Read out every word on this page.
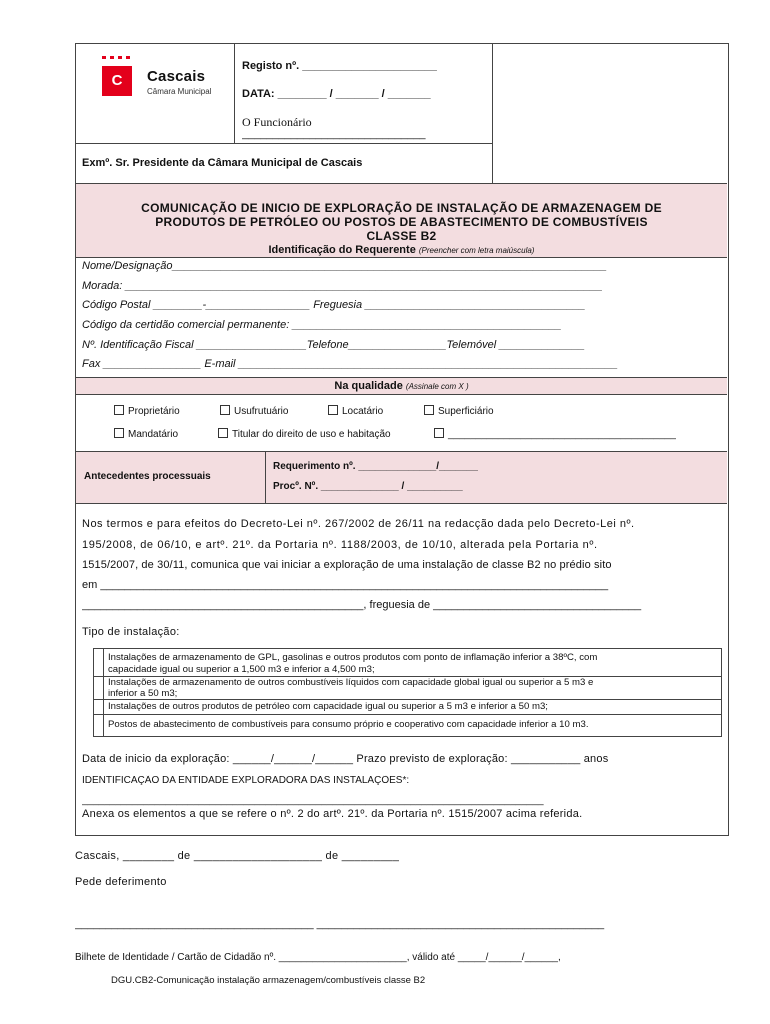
C	Cascais
Câmara Municipal
Registo nº. ______________________
DATA: ________ / _______ / _______
O Funcionário
______________________________
Exmº. Sr. Presidente da Câmara Municipal de Cascais
COMUNICAÇÃO DE INICIO DE EXPLORAÇÃO DE INSTALAÇÃO DE ARMAZENAGEM DE
PRODUTOS DE PETRÓLEO OU POSTOS DE ABASTECIMENTO DE COMBUSTÍVEIS
CLASSE B2
Identificação do Requerente (Preencher com letra maiúscula)
Nome/Designação_______________________________________________________________________
Morada: ______________________________________________________________________________
Código Postal ________-_________________ Freguesia ____________________________________
Código da certidão comercial permanente: ____________________________________________
Nº. Identificação Fiscal __________________Telefone________________Telemóvel ______________
Fax ________________ E-mail ______________________________________________________________
Na qualidade (Assinale com X )
Proprietário	Usufrutuário	Locatário	Superficiário
Mandatário	Titular do direito de uso e habitação	_________________________________________
Antecedentes processuais
Requerimento nº. ______________/_______
Procº. Nº. ______________ / __________
Nos termos e para efeitos do Decreto-Lei nº. 267/2002 de 26/11 na redacção dada pelo Decreto-Lei nº.
195/2008, de 06/10, e artº. 21º. da Portaria nº. 1188/2003, de 10/10, alterada pela Portaria nº.
1515/2007, de 30/11, comunica que vai iniciar a exploração de uma instalação de classe B2 no prédio sito
em ___________________________________________________________________________________
______________________________________________, freguesia de __________________________________
Tipo de instalação:
Instalações de armazenamento de GPL, gasolinas e outros produtos com ponto de inflamação inferior a 38ºC, com
capacidade igual ou superior a 1,500 m3 e inferior a 4,500 m3;
Instalações de armazenamento de outros combustíveis líquidos com capacidade global igual ou superior a 5 m3 e
inferior a 50 m3;
Instalações de outros produtos de petróleo com capacidade igual ou superior a 5 m3 e inferior a 50 m3;
Postos de abastecimento de combustíveis para consumo próprio e cooperativo com capacidade inferior a 10 m3.
Data de inicio da exploração: ______/______/______ Prazo previsto de exploração: ___________ anos
IDENTIFICAÇÃO DA ENTIDADE EXPLORADORA DAS INSTALAÇÕES*:
___________________________________________________________________________________
Anexa os elementos a que se refere o nº. 2 do artº. 21º. da Portaria nº. 1515/2007 acima referida.
Cascais, ________ de ____________________ de _________
Pede deferimento
_______________________________________ _______________________________________________
Bilhete de Identidade / Cartão de Cidadão nº. _______________________, válido até _____/______/______,
DGU.CB2-Comunicação instalação armazenagem/combustíveis classe B2
